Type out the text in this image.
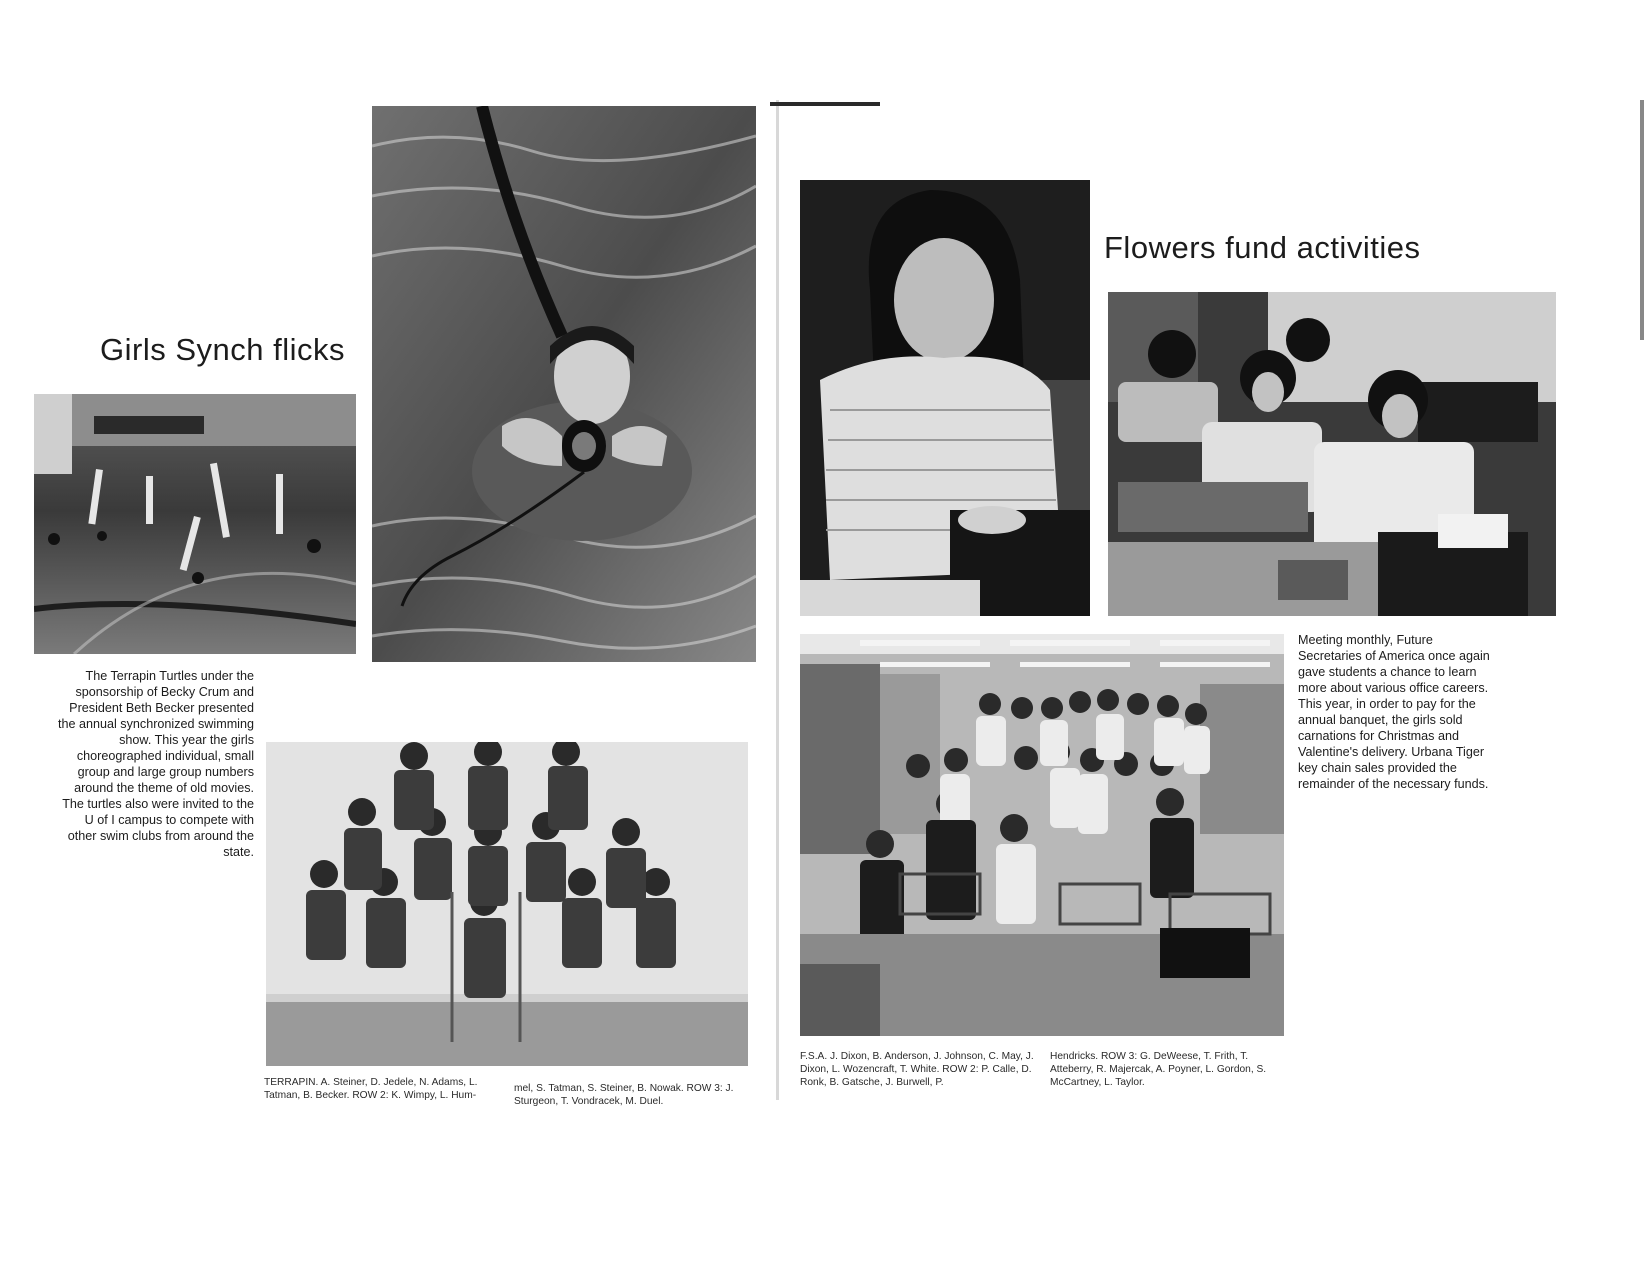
Girls Synch flicks

The Terrapin Turtles under the sponsorship of Becky Crum and President Beth Becker presented the annual synchronized swimming show. This year the girls choreographed individual, small group and large group numbers around the theme of old movies. The turtles also were invited to the U of I campus to compete with other swim clubs from around the state.

TERRAPIN. A. Steiner, D. Jedele, N. Adams, L. Tatman, B. Becker. ROW 2: K. Wimpy, L. Hum-

mel, S. Tatman, S. Steiner, B. Nowak. ROW 3: J. Sturgeon, T. Vondracek, M. Duel.

Flowers fund activities

Meeting monthly, Future Secretaries of America once again gave students a chance to learn more about various office careers. This year, in order to pay for the annual banquet, the girls sold carnations for Christmas and Valentine's delivery. Urbana Tiger key chain sales provided the remainder of the necessary funds.

F.S.A. J. Dixon, B. Anderson, J. Johnson, C. May, J. Dixon, L. Wozencraft, T. White. ROW 2: P. Calle, D. Ronk, B. Gatsche, J. Burwell, P.

Hendricks. ROW 3: G. DeWeese, T. Frith, T. Atteberry, R. Majercak, A. Poyner, L. Gordon, S. McCartney, L. Taylor.
